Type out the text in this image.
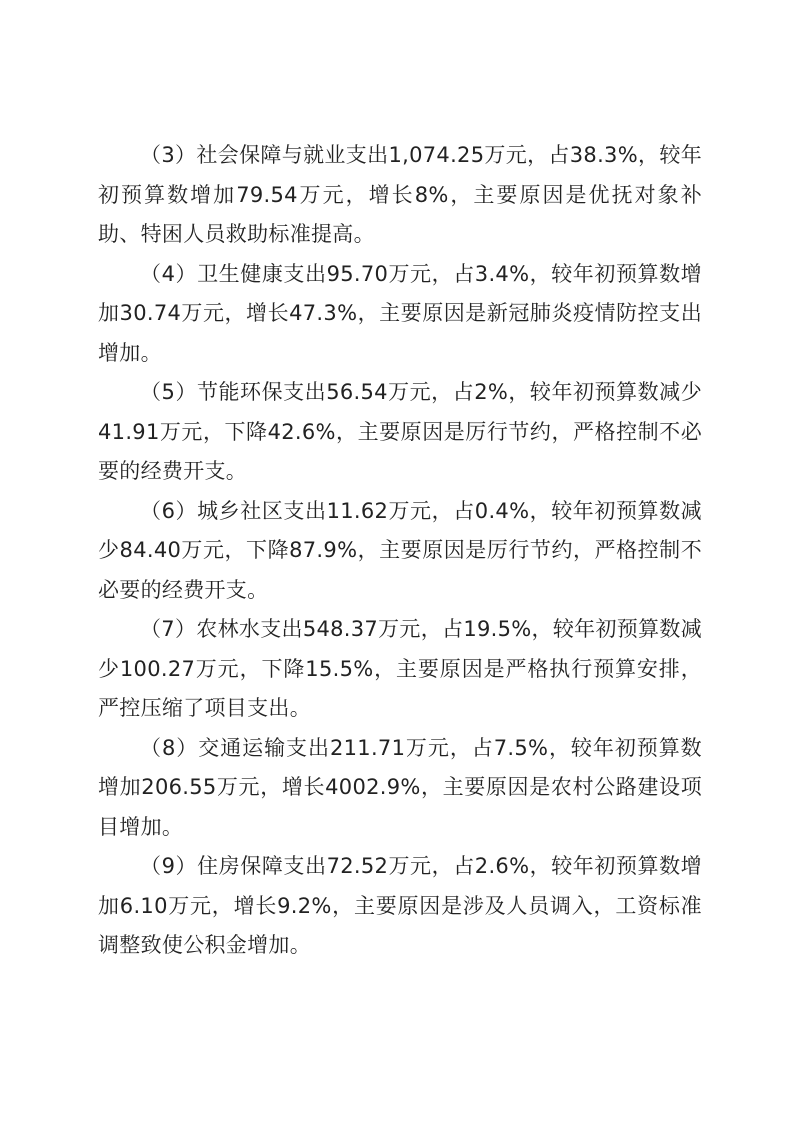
（3）社会保障与就业支出1,074.25万元，占38.3%，较年初预算数增加79.54万元，增长8%，主要原因是优抚对象补助、特困人员救助标准提高。

（4）卫生健康支出95.70万元，占3.4%，较年初预算数增加30.74万元，增长47.3%，主要原因是新冠肺炎疫情防控支出增加。

（5）节能环保支出56.54万元，占2%，较年初预算数减少41.91万元，下降42.6%，主要原因是厉行节约，严格控制不必要的经费开支。

（6）城乡社区支出11.62万元，占0.4%，较年初预算数减少84.40万元，下降87.9%，主要原因是厉行节约，严格控制不必要的经费开支。

（7）农林水支出548.37万元，占19.5%，较年初预算数减少100.27万元，下降15.5%，主要原因是严格执行预算安排，严控压缩了项目支出。

（8）交通运输支出211.71万元，占7.5%，较年初预算数增加206.55万元，增长4002.9%，主要原因是农村公路建设项目增加。

（9）住房保障支出72.52万元，占2.6%，较年初预算数增加6.10万元，增长9.2%，主要原因是涉及人员调入，工资标准调整致使公积金增加。
